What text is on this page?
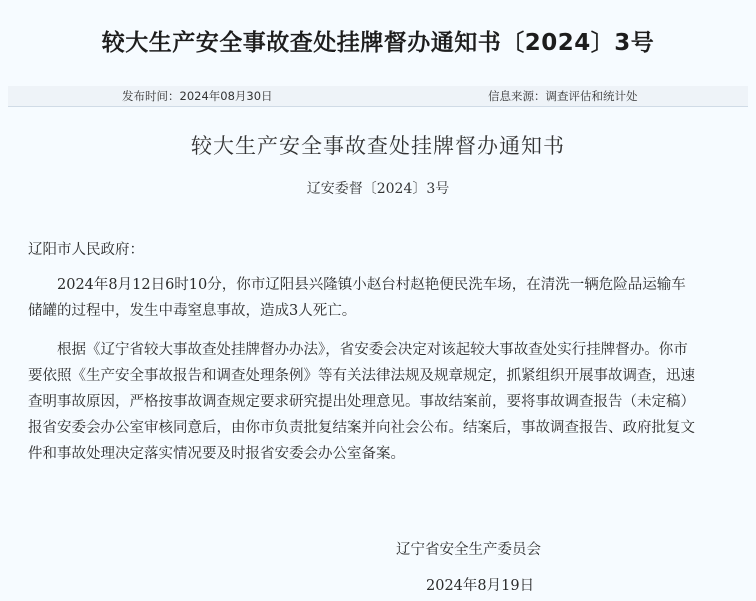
较大生产安全事故查处挂牌督办通知书〔2024〕3号
发布时间：2024年08月30日	信息来源：调查评估和统计处
较大生产安全事故查处挂牌督办通知书
辽安委督〔2024〕3号

辽阳市人民政府：

2024年8月12日6时10分，你市辽阳县兴隆镇小赵台村赵艳便民洗车场，在清洗一辆危险品运输车储罐的过程中，发生中毒窒息事故，造成3人死亡。

根据《辽宁省较大事故查处挂牌督办办法》，省安委会决定对该起较大事故查处实行挂牌督办。你市要依照《生产安全事故报告和调查处理条例》等有关法律法规及规章规定，抓紧组织开展事故调查，迅速查明事故原因，严格按事故调查规定要求研究提出处理意见。事故结案前，要将事故调查报告（未定稿）报省安委会办公室审核同意后，由你市负责批复结案并向社会公布。结案后，事故调查报告、政府批复文件和事故处理决定落实情况要及时报省安委会办公室备案。

辽宁省安全生产委员会
2024年8月19日
